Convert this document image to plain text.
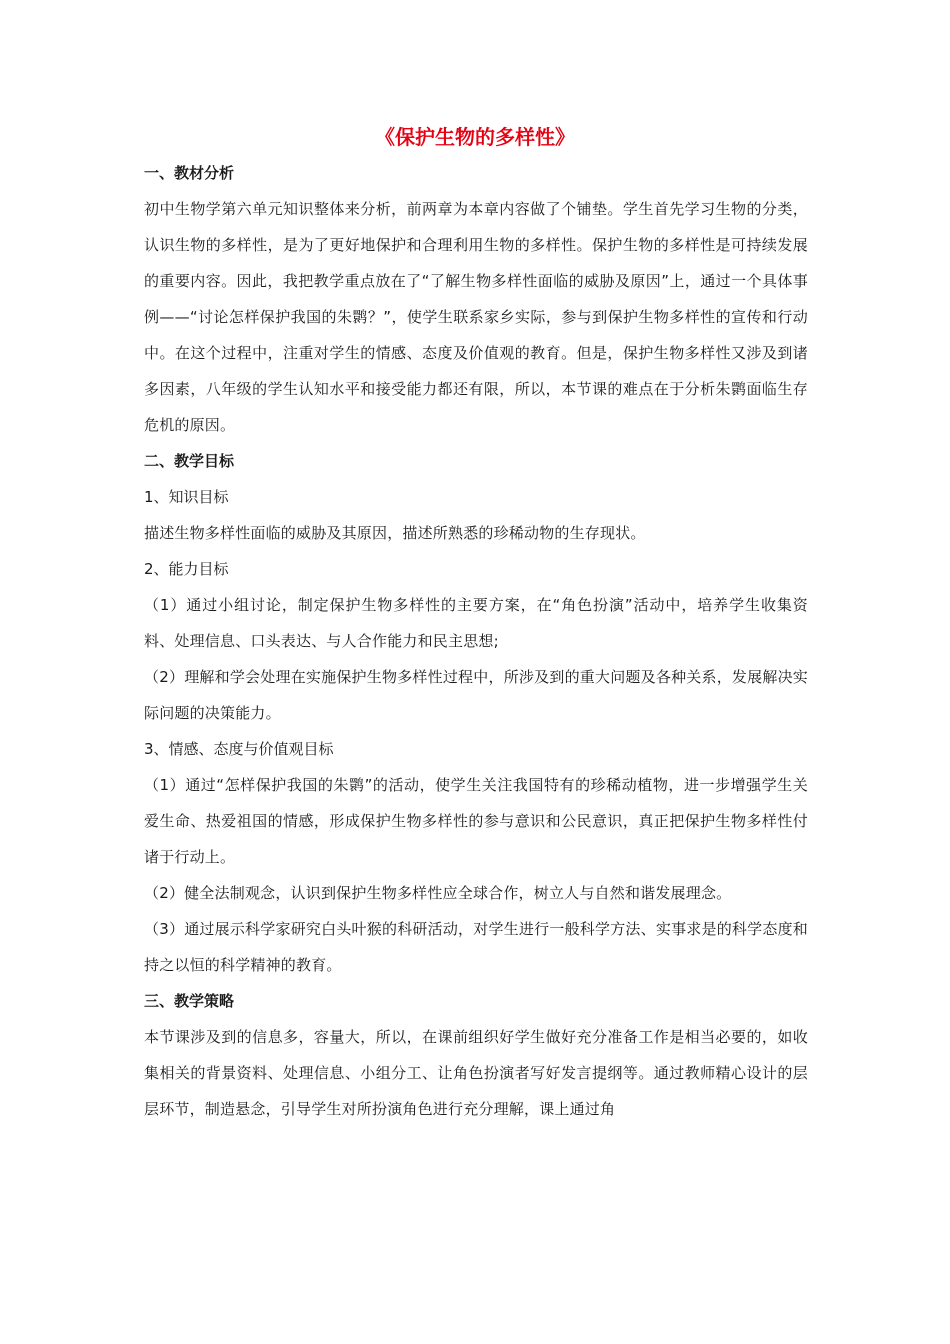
《保护生物的多样性》

一、教材分析

初中生物学第六单元知识整体来分析，前两章为本章内容做了个铺垫。学生首先学习生物的分类，认识生物的多样性，是为了更好地保护和合理利用生物的多样性。保护生物的多样性是可持续发展的重要内容。因此，我把教学重点放在了“了解生物多样性面临的威胁及原因”上，通过一个具体事例——“讨论怎样保护我国的朱鹮？”，使学生联系家乡实际，参与到保护生物多样性的宣传和行动中。在这个过程中，注重对学生的情感、态度及价值观的教育。但是，保护生物多样性又涉及到诸多因素，八年级的学生认知水平和接受能力都还有限，所以，本节课的难点在于分析朱鹮面临生存危机的原因。

二、教学目标

1、知识目标

描述生物多样性面临的威胁及其原因，描述所熟悉的珍稀动物的生存现状。

2、能力目标

（1）通过小组讨论，制定保护生物多样性的主要方案，在“角色扮演”活动中，培养学生收集资料、处理信息、口头表达、与人合作能力和民主思想;

（2）理解和学会处理在实施保护生物多样性过程中，所涉及到的重大问题及各种关系，发展解决实际问题的决策能力。

3、情感、态度与价值观目标

（1）通过“怎样保护我国的朱鹮”的活动，使学生关注我国特有的珍稀动植物，进一步增强学生关爱生命、热爱祖国的情感，形成保护生物多样性的参与意识和公民意识，真正把保护生物多样性付诸于行动上。

（2）健全法制观念，认识到保护生物多样性应全球合作，树立人与自然和谐发展理念。

（3）通过展示科学家研究白头叶猴的科研活动，对学生进行一般科学方法、实事求是的科学态度和持之以恒的科学精神的教育。

三、教学策略

本节课涉及到的信息多，容量大，所以，在课前组织好学生做好充分准备工作是相当必要的，如收集相关的背景资料、处理信息、小组分工、让角色扮演者写好发言提纲等。通过教师精心设计的层层环节，制造悬念，引导学生对所扮演角色进行充分理解，课上通过角
